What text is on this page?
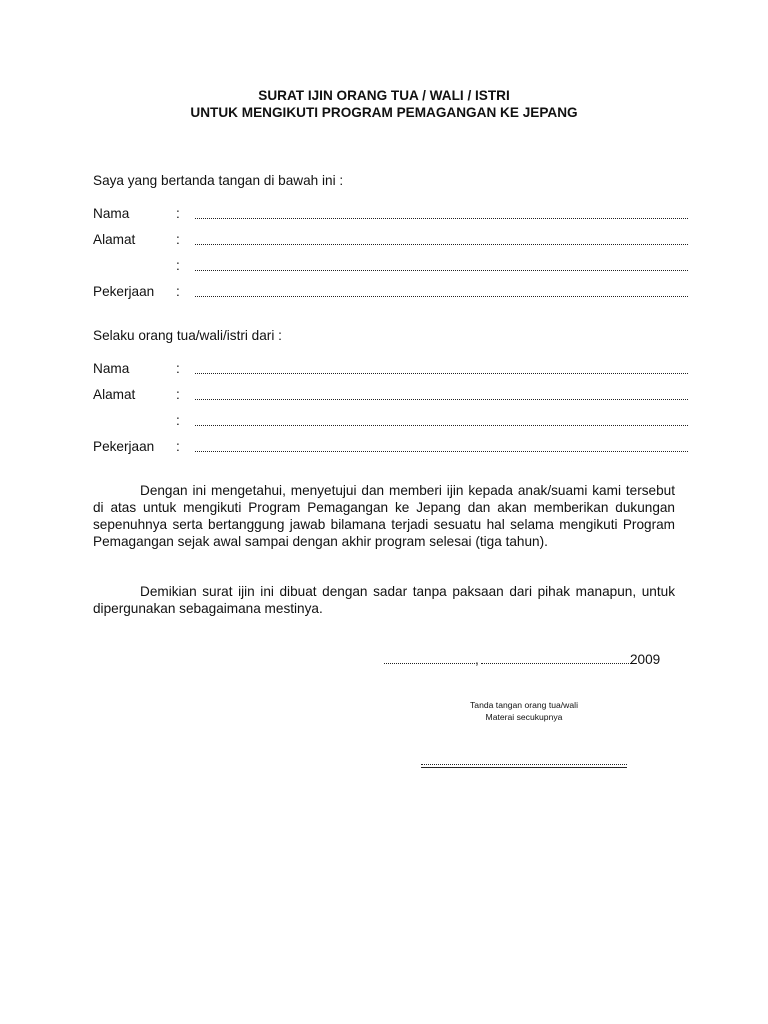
SURAT IJIN ORANG TUA / WALI / ISTRI
UNTUK MENGIKUTI PROGRAM PEMAGANGAN KE JEPANG
Saya yang bertanda tangan di bawah ini :
Nama	:
Alamat	:
:
Pekerjaan :
Selaku orang tua/wali/istri dari :
Nama	:
Alamat	:
:
Pekerjaan :

Dengan ini mengetahui, menyetujui dan memberi ijin kepada anak/suami kami tersebut di atas untuk mengikuti Program Pemagangan ke Jepang dan akan memberikan dukungan sepenuhnya serta bertanggung jawab bilamana terjadi sesuatu hal selama mengikuti Program Pemagangan sejak awal sampai dengan akhir program selesai (tiga tahun).

Demikian surat ijin ini dibuat dengan sadar tanpa paksaan dari pihak manapun, untuk dipergunakan sebagaimana mestinya.

,	2009
Tanda tangan orang tua/wali
Materai secukupnya
